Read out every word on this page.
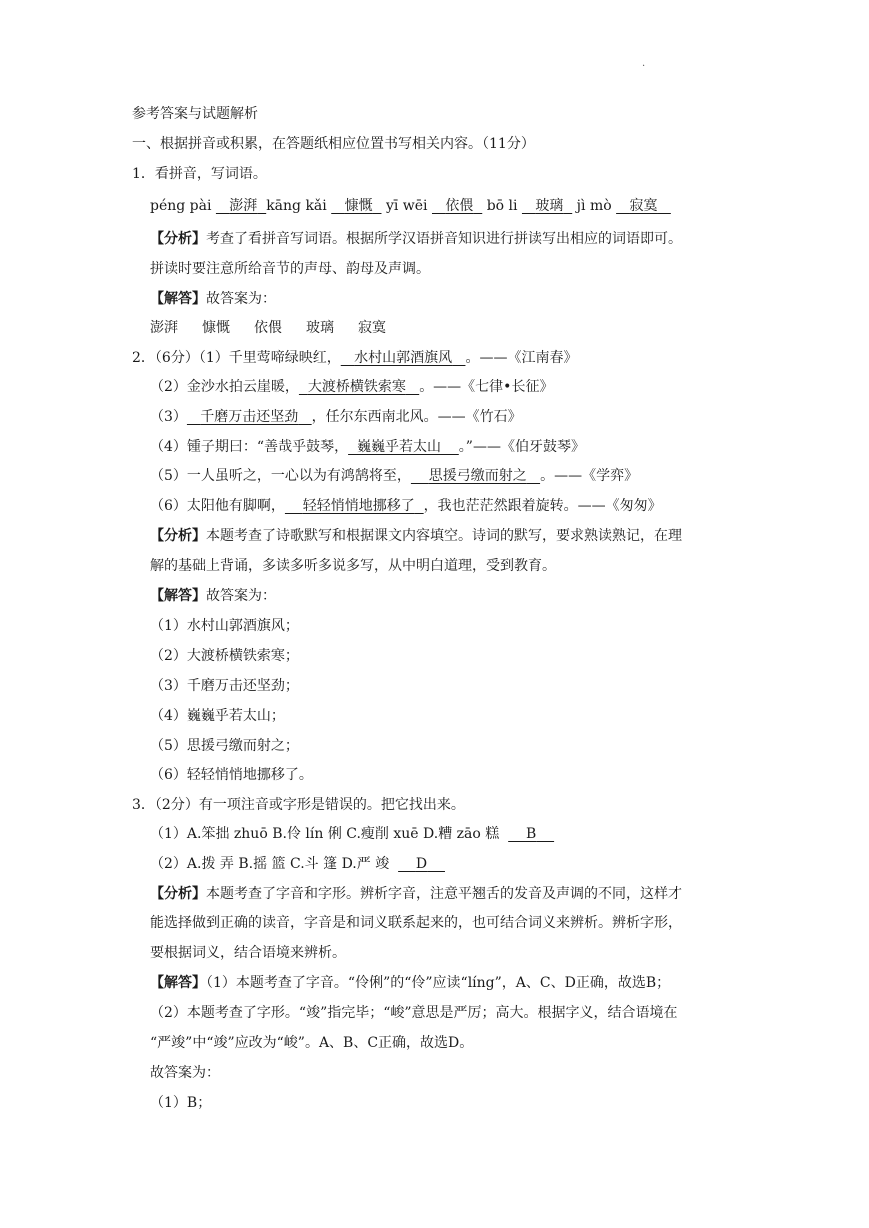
.
参考答案与试题解析
一、根据拼音或积累，在答题纸相应位置书写相关内容。（11分）
1．看拼音，写词语。
péng pài 澎湃 kāng kǎi 慷慨 yī wēi 依偎 bō li 玻璃 jì mò 寂寞
【分析】考查了看拼音写词语。根据所学汉语拼音知识进行拼读写出相应的词语即可。
拼读时要注意所给音节的声母、韵母及声调。
【解答】故答案为：
澎湃 慷慨 依偎 玻璃 寂寞
2．（6分）（1）千里莺啼绿映红， 水村山郭酒旗风 。——《江南春》
（2）金沙水拍云崖暖， 大渡桥横铁索寒 。——《七律•长征》
（3） 千磨万击还坚劲 ，任尔东西南北风。——《竹石》
（4）锺子期曰：“善哉乎鼓琴， 巍巍乎若太山 。”——《伯牙鼓琴》
（5）一人虽听之，一心以为有鸿鹄将至， 思援弓缴而射之 。——《学弈》
（6）太阳他有脚啊， 轻轻悄悄地挪移了 ，我也茫茫然跟着旋转。——《匆匆》
【分析】本题考查了诗歌默写和根据课文内容填空。诗词的默写，要求熟读熟记，在理
解的基础上背诵，多读多听多说多写，从中明白道理，受到教育。
【解答】故答案为：
（1）水村山郭酒旗风；
（2）大渡桥横铁索寒；
（3）千磨万击还坚劲；
（4）巍巍乎若太山；
（5）思援弓缴而射之；
（6）轻轻悄悄地挪移了。
3．（2分）有一项注音或字形是错误的。把它找出来。
（1）A.笨拙 zhuō B.伶 lín 俐 C.瘦削 xuē D.糟 zāo 糕 B
（2）A.拨 弄 B.摇 篮 C.斗 篷 D.严 竣 D
【分析】本题考查了字音和字形。辨析字音，注意平翘舌的发音及声调的不同，这样才
能选择做到正确的读音，字音是和词义联系起来的，也可结合词义来辨析。辨析字形，
要根据词义，结合语境来辨析。
【解答】（1）本题考查了字音。“伶俐”的“伶”应读“líng”，A、C、D正确，故选B；
（2）本题考查了字形。“竣”指完毕；“峻”意思是严厉；高大。根据字义，结合语境在
“严竣”中“竣”应改为“峻”。A、B、C正确，故选D。
故答案为：
（1）B；
